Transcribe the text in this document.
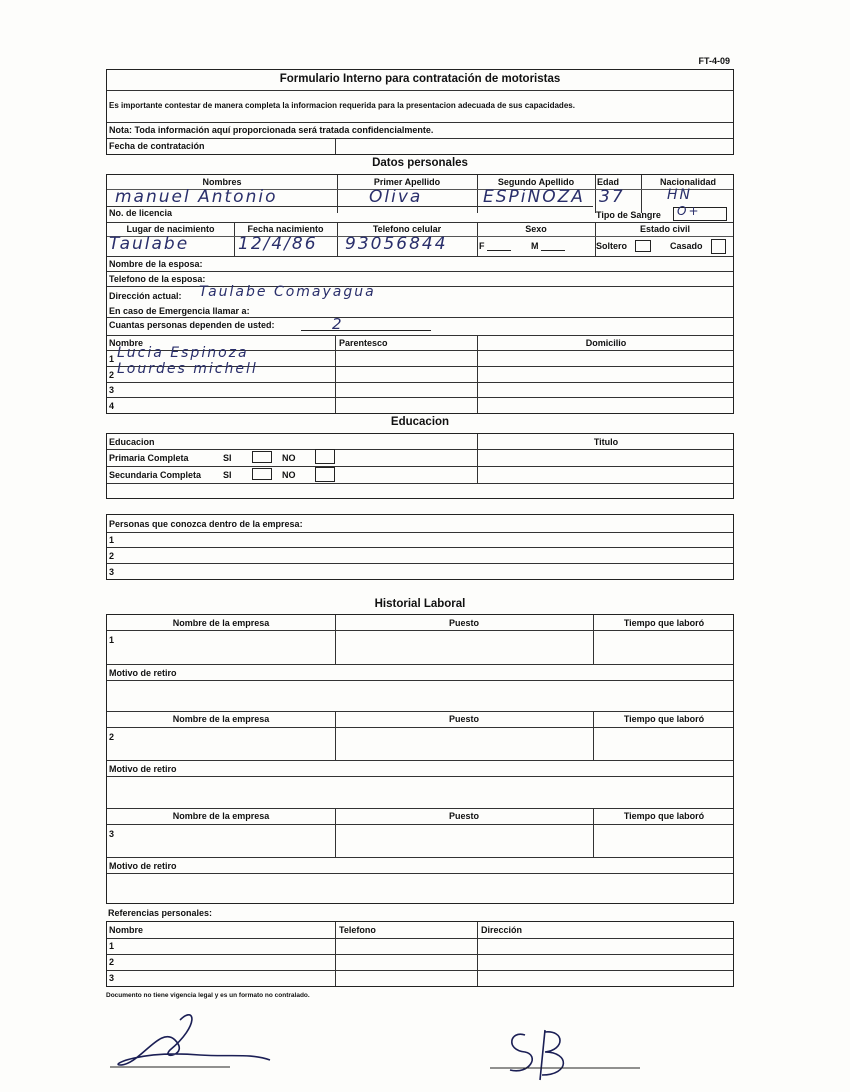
FT-4-09
Formulario Interno para contratación de motoristas
Es importante contestar de manera completa la informacion requerida para la presentacion adecuada de sus capacidades.
Nota: Toda información aquí proporcionada será tratada confidencialmente.
Fecha de contratación
Datos personales
Nombres	Primer Apellido	Segundo Apellido	Edad	Nacionalidad
manuel Antonio	Oliva	ESPiNOZA 37	HN
No. de licencia	Tipo de Sangre O+
Lugar de nacimiento	Fecha nacimiento	Telefono celular	Sexo	Estado civil
Taulabe	12/4/86 93056844	F	M	Soltero	Casado
Nombre de la esposa:
Telefono de la esposa:
Dirección actual: Taulabe Comayagua
En caso de Emergencia llamar a:
Cuantas personas dependen de usted:	2
Nombre	Parentesco	Domicilio
1 Lucia Espinoza
2 Lourdes michell
3
4
Educacion
Educacion	Titulo
Primaria Completa	SI	NO
Secundaria Completa SI	NO
Personas que conozca dentro de la empresa:
1
2
3
Historial Laboral
Nombre de la empresa	Puesto	Tiempo que laboró
1
Motivo de retiro
Nombre de la empresa	Puesto	Tiempo que laboró
2
Motivo de retiro
Nombre de la empresa	Puesto	Tiempo que laboró
3
Motivo de retiro
Referencias personales:
Nombre	Telefono	Dirección
1
2
3
Documento no tiene vigencia legal y es un formato no contralado.
